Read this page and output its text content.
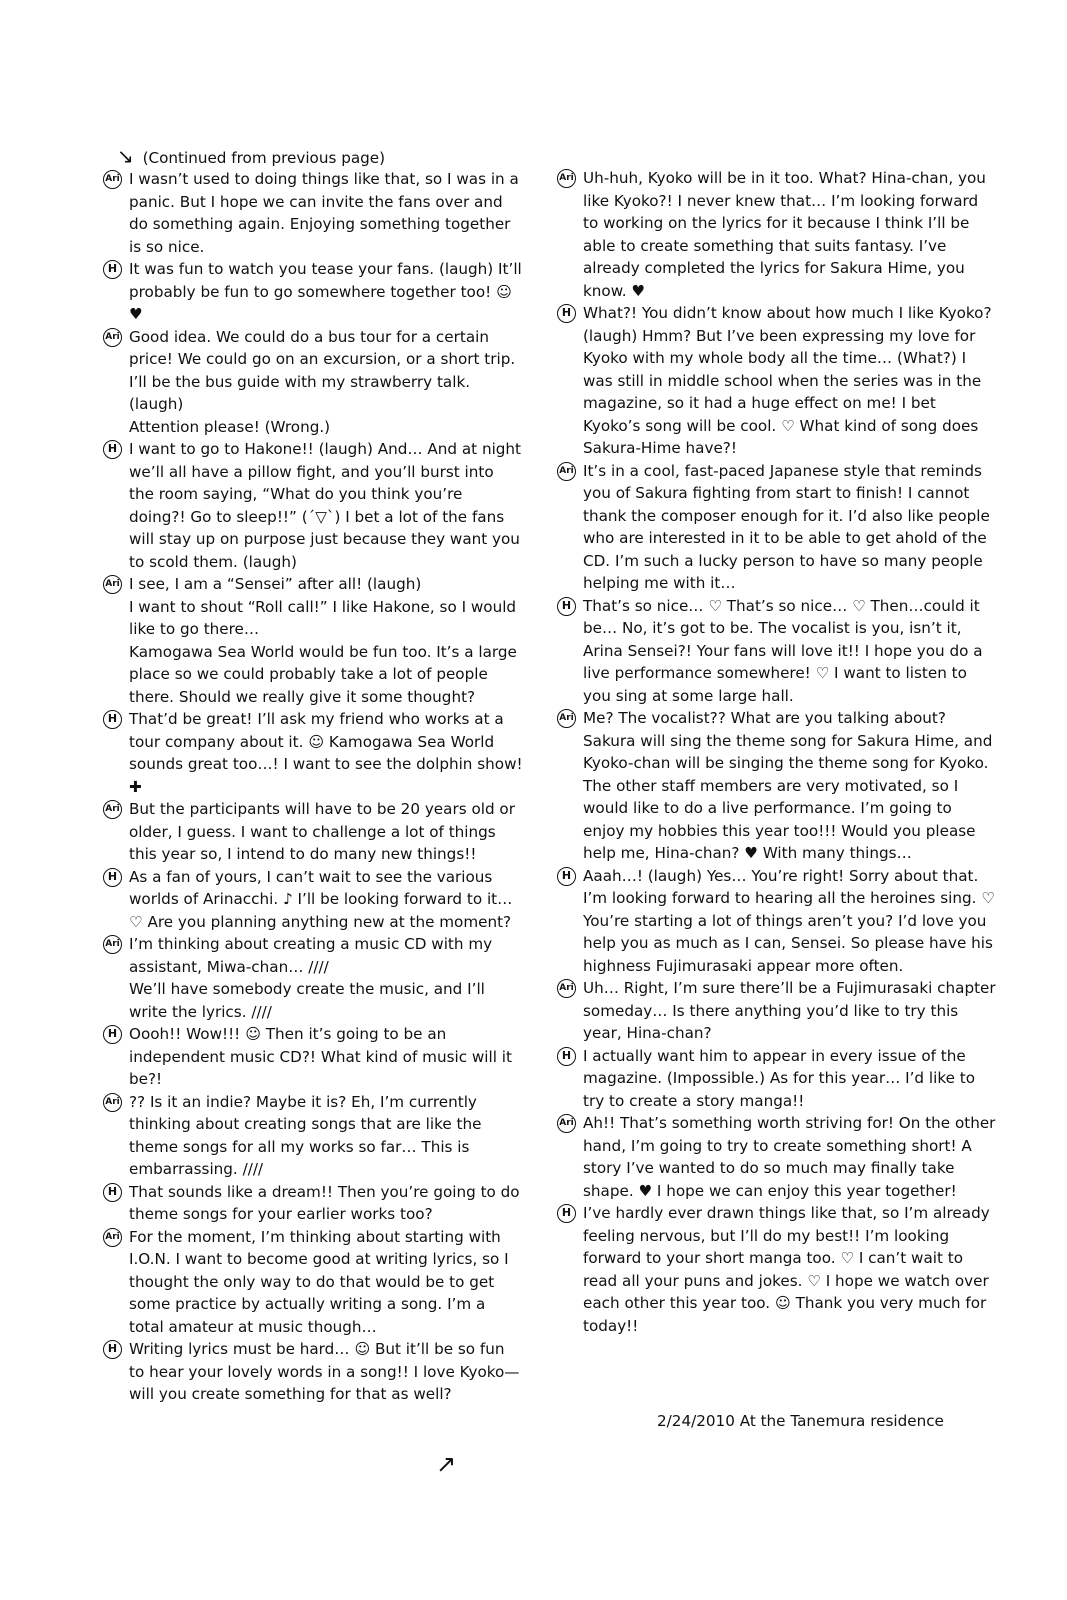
↘ (Continued from previous page)
Ari I wasn’t used to doing things like that, so I was in a panic. But I hope we can invite the fans over and do something again. Enjoying something together is so nice.
H It was fun to watch you tease your fans. (laugh) It’ll probably be fun to go somewhere together too! ☺♥
Ari Good idea. We could do a bus tour for a certain price! We could go on an excursion, or a short trip. I’ll be the bus guide with my strawberry talk. (laugh)
Attention please! (Wrong.)
H I want to go to Hakone!! (laugh) And… And at night we’ll all have a pillow fight, and you’ll burst into the room saying, “What do you think you’re doing?! Go to sleep!!” (´▽`) I bet a lot of the fans will stay up on purpose just because they want you to scold them. (laugh)
Ari I see, I am a “Sensei” after all! (laugh)
I want to shout “Roll call!” I like Hakone, so I would like to go there…
Kamogawa Sea World would be fun too. It’s a large place so we could probably take a lot of people there. Should we really give it some thought?
H That’d be great! I’ll ask my friend who works at a tour company about it. ☺ Kamogawa Sea World sounds great too…! I want to see the dolphin show! ✚
Ari But the participants will have to be 20 years old or older, I guess. I want to challenge a lot of things this year so, I intend to do many new things!!
H As a fan of yours, I can’t wait to see the various worlds of Arinacchi. ♪ I’ll be looking forward to it… ♡ Are you planning anything new at the moment?
Ari I’m thinking about creating a music CD with my assistant, Miwa-chan… ////
We’ll have somebody create the music, and I’ll write the lyrics. ////
H Oooh!! Wow!!! ☺ Then it’s going to be an independent music CD?! What kind of music will it be?!
Ari ?? Is it an indie? Maybe it is? Eh, I’m currently thinking about creating songs that are like the theme songs for all my works so far… This is embarrassing. ////
H That sounds like a dream!! Then you’re going to do theme songs for your earlier works too?
Ari For the moment, I’m thinking about starting with I.O.N. I want to become good at writing lyrics, so I thought the only way to do that would be to get some practice by actually writing a song. I’m a total amateur at music though…
H Writing lyrics must be hard… ☺ But it’ll be so fun to hear your lovely words in a song!! I love Kyoko—will you create something for that as well?
Ari Uh-huh, Kyoko will be in it too. What? Hina-chan, you like Kyoko?! I never knew that… I’m looking forward to working on the lyrics for it because I think I’ll be able to create something that suits fantasy. I’ve already completed the lyrics for Sakura Hime, you know. ♥
H What?! You didn’t know about how much I like Kyoko? (laugh) Hmm? But I’ve been expressing my love for Kyoko with my whole body all the time… (What?) I was still in middle school when the series was in the magazine, so it had a huge effect on me! I bet Kyoko’s song will be cool. ♡ What kind of song does Sakura-Hime have?!
Ari It’s in a cool, fast-paced Japanese style that reminds you of Sakura fighting from start to finish! I cannot thank the composer enough for it. I’d also like people who are interested in it to be able to get ahold of the CD. I’m such a lucky person to have so many people helping me with it…
H That’s so nice… ♡ That’s so nice… ♡ Then…could it be… No, it’s got to be. The vocalist is you, isn’t it, Arina Sensei?! Your fans will love it!! I hope you do a live performance somewhere! ♡ I want to listen to you sing at some large hall.
Ari Me? The vocalist?? What are you talking about? Sakura will sing the theme song for Sakura Hime, and Kyoko-chan will be singing the theme song for Kyoko. The other staff members are very motivated, so I would like to do a live performance. I’m going to enjoy my hobbies this year too!!! Would you please help me, Hina-chan? ♥ With many things…
H Aaah…! (laugh) Yes… You’re right! Sorry about that. I’m looking forward to hearing all the heroines sing. ♡ You’re starting a lot of things aren’t you? I’d love you help you as much as I can, Sensei. So please have his highness Fujimurasaki appear more often.
Ari Uh… Right, I’m sure there’ll be a Fujimurasaki chapter someday… Is there anything you’d like to try this year, Hina-chan?
H I actually want him to appear in every issue of the magazine. (Impossible.) As for this year… I’d like to try to create a story manga!!
Ari Ah!! That’s something worth striving for! On the other hand, I’m going to try to create something short! A story I’ve wanted to do so much may finally take shape. ♥ I hope we can enjoy this year together!
H I’ve hardly ever drawn things like that, so I’m already feeling nervous, but I’ll do my best!! I’m looking forward to your short manga too. ♡ I can’t wait to read all your puns and jokes. ♡ I hope we watch over each other this year too. ☺ Thank you very much for today!!
2/24/2010 At the Tanemura residence
↗
